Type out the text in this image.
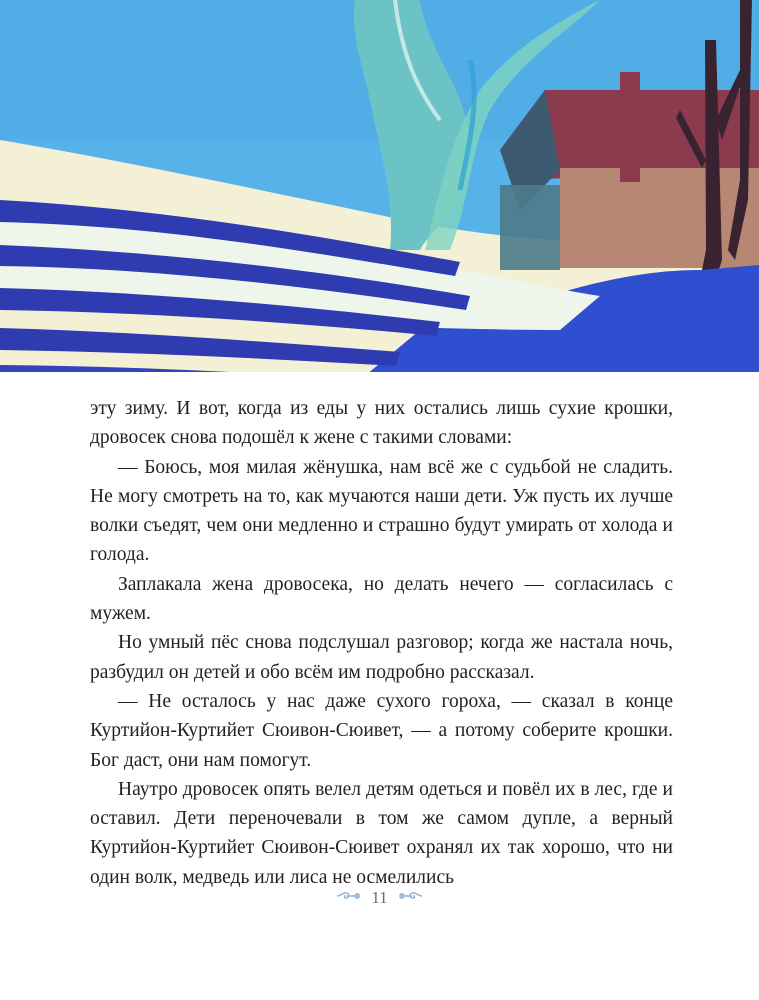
эту зиму. И вот, когда из еды у них остались лишь сухие крошки, дровосек снова подошёл к жене с такими словами:

— Боюсь, моя милая жёнушка, нам всё же с судьбой не сладить. Не могу смотреть на то, как мучаются наши дети. Уж пусть их лучше волки съедят, чем они медленно и страшно будут умирать от холода и голода.

Заплакала жена дровосека, но делать нечего — согласилась с мужем.

Но умный пёс снова подслушал разговор; когда же настала ночь, разбудил он детей и обо всём им подробно рассказал.

— Не осталось у нас даже сухого гороха, — сказал в конце Куртийон-Куртийет Сюивон-Сюивет, — а потому соберите крошки. Бог даст, они нам помогут.

Наутро дровосек опять велел детям одеться и повёл их в лес, где и оставил. Дети переночевали в том же самом дупле, а верный Куртийон-Куртийет Сюивон-Сюивет охранял их так хорошо, что ни один волк, медведь или лиса не осмелились

11
